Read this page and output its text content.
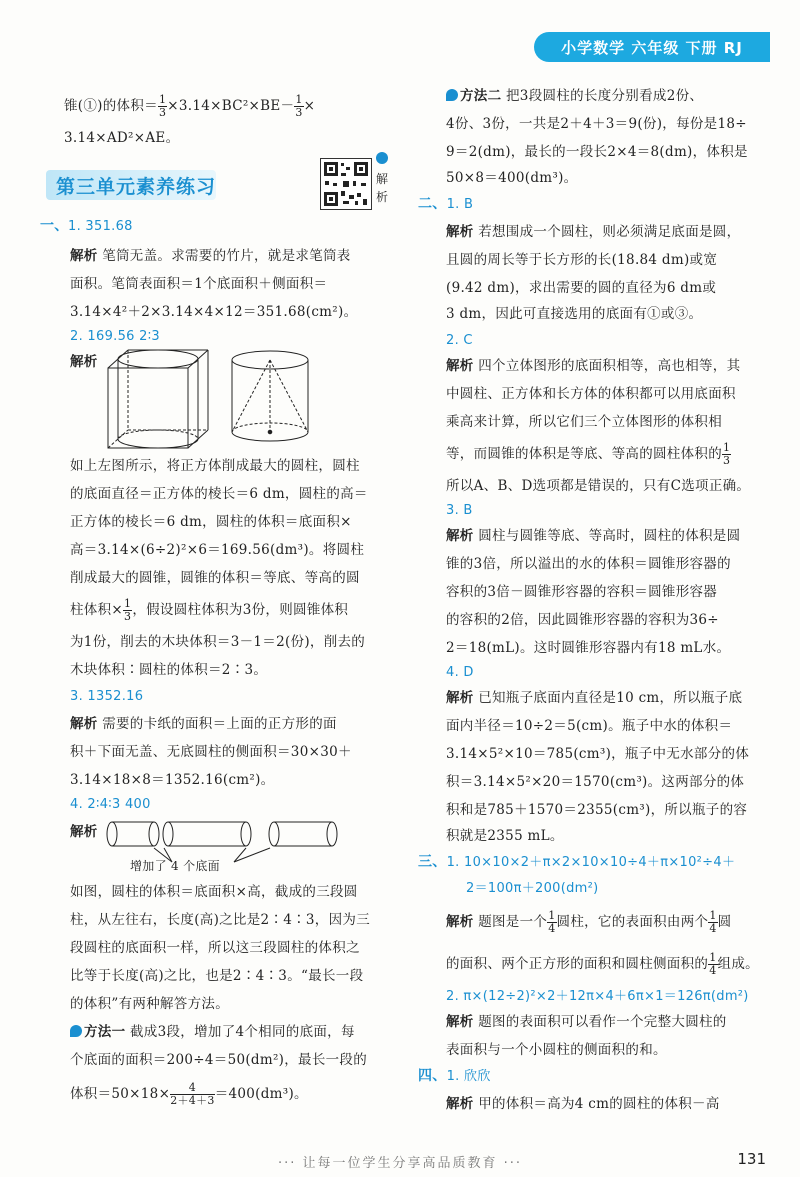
小学数学 六年级 下册 RJ
锥(①)的体积＝ $\frac{1}{3} \times 3.14\times BC^2\times BE- \frac{1}{3}$ ×
3.14×AD²×AE。
第三单元素养练习	解析
一、 1. 351.68
解析 笔筒无盖。求需要的竹片，就是求笔筒表
面积。笔筒表面积＝1个底面积＋侧面积＝
3.14×4²＋2×3.14×4×12＝351.68(cm²)。
2. 169.56 2∶3
解析
如上左图所示，将正方体削成最大的圆柱，圆柱
的底面直径＝正方体的棱长＝6 dm，圆柱的高＝
正方体的棱长＝6 dm，圆柱的体积＝底面积×
高＝3.14×(6÷2)²×6＝169.56(dm³)。将圆柱
削成最大的圆锥，圆锥的体积＝等底、等高的圆
柱体积× $\frac{1}{3}$ ，假设圆柱体积为3份，则圆锥体积
为1份，削去的木块体积＝3－1＝2(份)，削去的
木块体积∶圆柱的体积＝2∶3。
3. 1352.16
解析 需要的卡纸的面积＝上面的正方形的面
积＋下面无盖、无底圆柱的侧面积＝30×30＋
3.14×18×8＝1352.16(cm²)。
4. 2∶4∶3 400
解析
增加了 4 个底面
如图，圆柱的体积＝底面积×高，截成的三段圆
柱，从左往右，长度(高)之比是2∶4∶3，因为三
段圆柱的底面积一样，所以这三段圆柱的体积之
比等于长度(高)之比，也是2∶4∶3。“最长一段
的体积”有两种解答方法。
方法一 截成3段，增加了4个相同的底面，每
个底面的面积＝200÷4＝50(dm²)，最长一段的
体积$=50\times 18\times \frac{4}{2+4+3} =400(dm^3)$。
方法二 把3段圆柱的长度分别看成2份、
4份、3份，一共是2＋4＋3＝9(份)，每份是18÷
9＝2(dm)，最长的一段长2×4＝8(dm)，体积是
50×8＝400(dm³)。
二、1. B
解析 若想围成一个圆柱，则必须满足底面是圆，
且圆的周长等于长方形的长(18.84 dm)或宽
(9.42 dm)，求出需要的圆的直径为6 dm或
3 dm，因此可直接选用的底面有①或③。
2. C
解析 四个立体图形的底面积相等，高也相等，其
中圆柱、正方体和长方体的体积都可以用底面积
乘高来计算，所以它们三个立体图形的体积相
等，而圆锥的体积是等底、等高的圆柱体积的 $\frac{1}{3}$
所以A、B、D选项都是错误的，只有C选项正确。
3. B
解析 圆柱与圆锥等底、等高时，圆柱的体积是圆
锥的3倍，所以溢出的水的体积＝圆锥形容器的
容积的3倍－圆锥形容器的容积＝圆锥形容器
的容积的2倍，因此圆锥形容器的容积为36÷
2＝18(mL)。这时圆锥形容器内有18 mL水。
4. D
解析 已知瓶子底面内直径是10 cm，所以瓶子底
面内半径＝10÷2＝5(cm)。瓶子中水的体积＝
3.14×5²×10＝785(cm³)，瓶子中无水部分的体
积＝3.14×5²×20＝1570(cm³)。这两部分的体
积和是785＋1570＝2355(cm³)，所以瓶子的容
积就是2355 mL。
三、1. 10×10×2＋π×2×10×10÷4＋π×10²÷4＋
2＝100π＋200(dm²)
解析 题图是一个 $\frac{1}{4}$ 圆柱，它的表面积由两个 $\frac{1}{4}$ 圆
的面积、两个正方形的面积和圆柱侧面积的 $\frac{1}{4}$ 组成。
2. π×(12÷2)²×2＋12π×4＋6π×1＝126π(dm²)
解析 题图的表面积可以看作一个完整大圆柱的
表面积与一个小圆柱的侧面积的和。
四、1. 欣欣
解析 甲的体积＝高为4 cm的圆柱的体积－高
··· 让每一位学生分享高品质教育 ···	131
